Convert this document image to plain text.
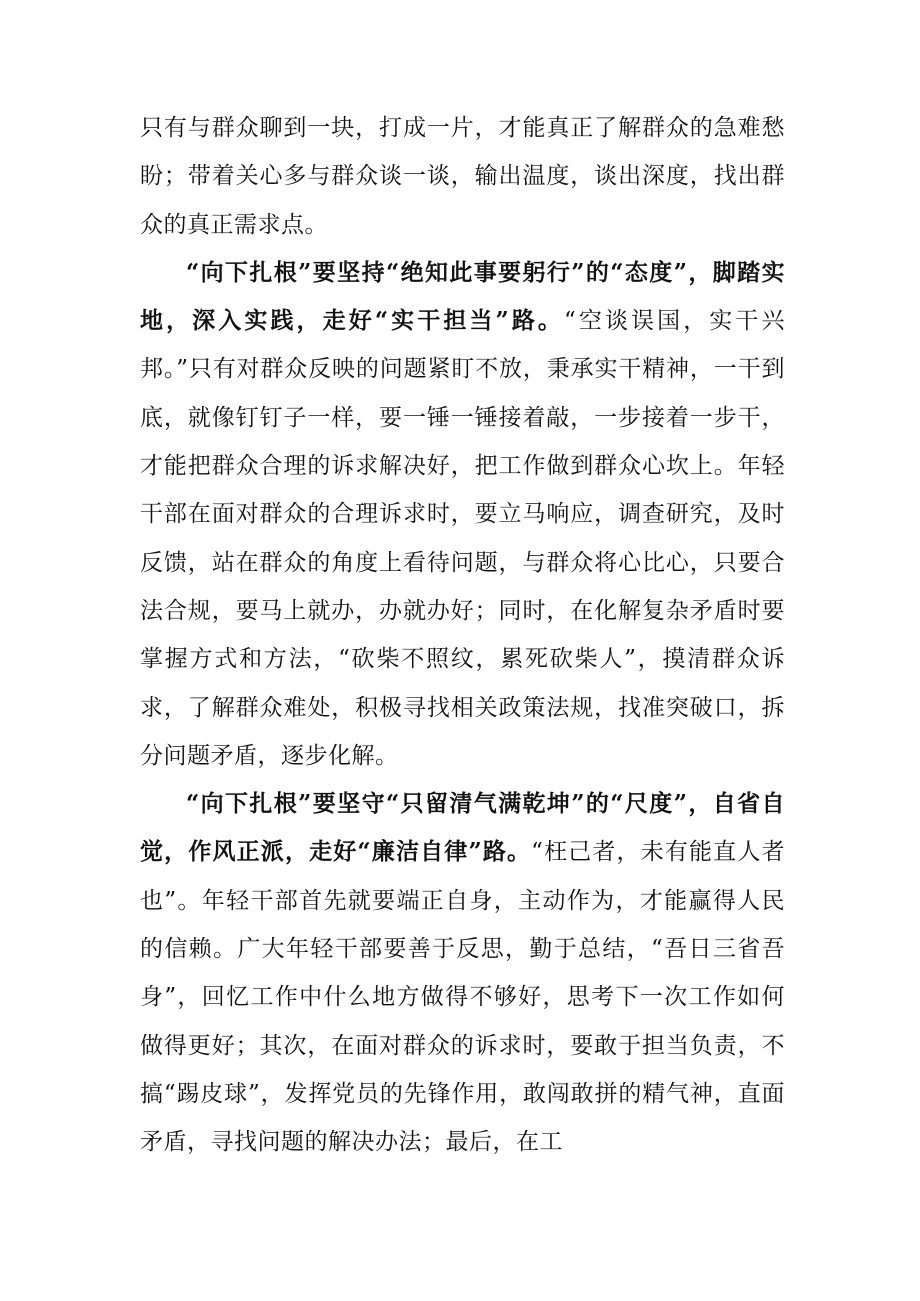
只有与群众聊到一块，打成一片，才能真正了解群众的急难愁盼；带着关心多与群众谈一谈，输出温度，谈出深度，找出群众的真正需求点。

“向下扎根”要坚持“绝知此事要躬行”的“态度”，脚踏实地，深入实践，走好“实干担当”路。“空谈误国，实干兴邦。”只有对群众反映的问题紧盯不放，秉承实干精神，一干到底，就像钉钉子一样，要一锤一锤接着敲，一步接着一步干，才能把群众合理的诉求解决好，把工作做到群众心坎上。年轻干部在面对群众的合理诉求时，要立马响应，调查研究，及时反馈，站在群众的角度上看待问题，与群众将心比心，只要合法合规，要马上就办，办就办好；同时，在化解复杂矛盾时要掌握方式和方法，“砍柴不照纹，累死砍柴人”，摸清群众诉求，了解群众难处，积极寻找相关政策法规，找准突破口，拆分问题矛盾，逐步化解。

“向下扎根”要坚守“只留清气满乾坤”的“尺度”，自省自觉，作风正派，走好“廉洁自律”路。“枉己者，未有能直人者也”。年轻干部首先就要端正自身，主动作为，才能赢得人民的信赖。广大年轻干部要善于反思，勤于总结，“吾日三省吾身”，回忆工作中什么地方做得不够好，思考下一次工作如何做得更好；其次，在面对群众的诉求时，要敢于担当负责，不搞“踢皮球”，发挥党员的先锋作用，敢闯敢拼的精气神，直面矛盾，寻找问题的解决办法；最后，在工
